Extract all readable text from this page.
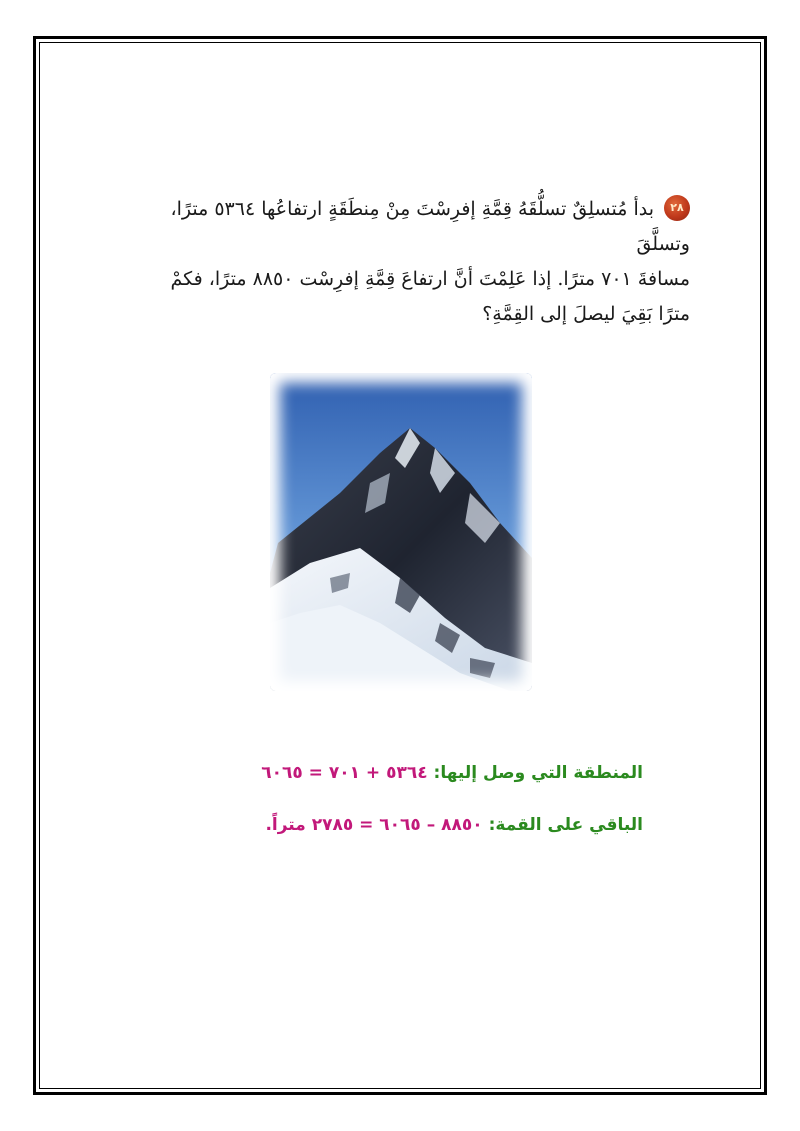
٢٨بدأ مُتسلِقٌ تسلُّقَهُ قِمَّةِ إفرِسْتَ مِنْ مِنطَقَةٍ ارتفاعُها ٥٣٦٤ مترًا، وتسلَّقَ
مسافةَ ٧٠١ مترًا. إذا عَلِمْتَ أنَّ ارتفاعَ قِمَّةِ إفرِسْت ٨٨٥٠ مترًا، فكمْ
مترًا بَقِيَ ليصلَ إلى القِمَّةِ؟
المنطقة التي وصل إليها: ٥٣٦٤ + ٧٠١ = ٦٠٦٥
الباقي على القمة: ٨٨٥٠ – ٦٠٦٥ = ٢٧٨٥ متراً.
